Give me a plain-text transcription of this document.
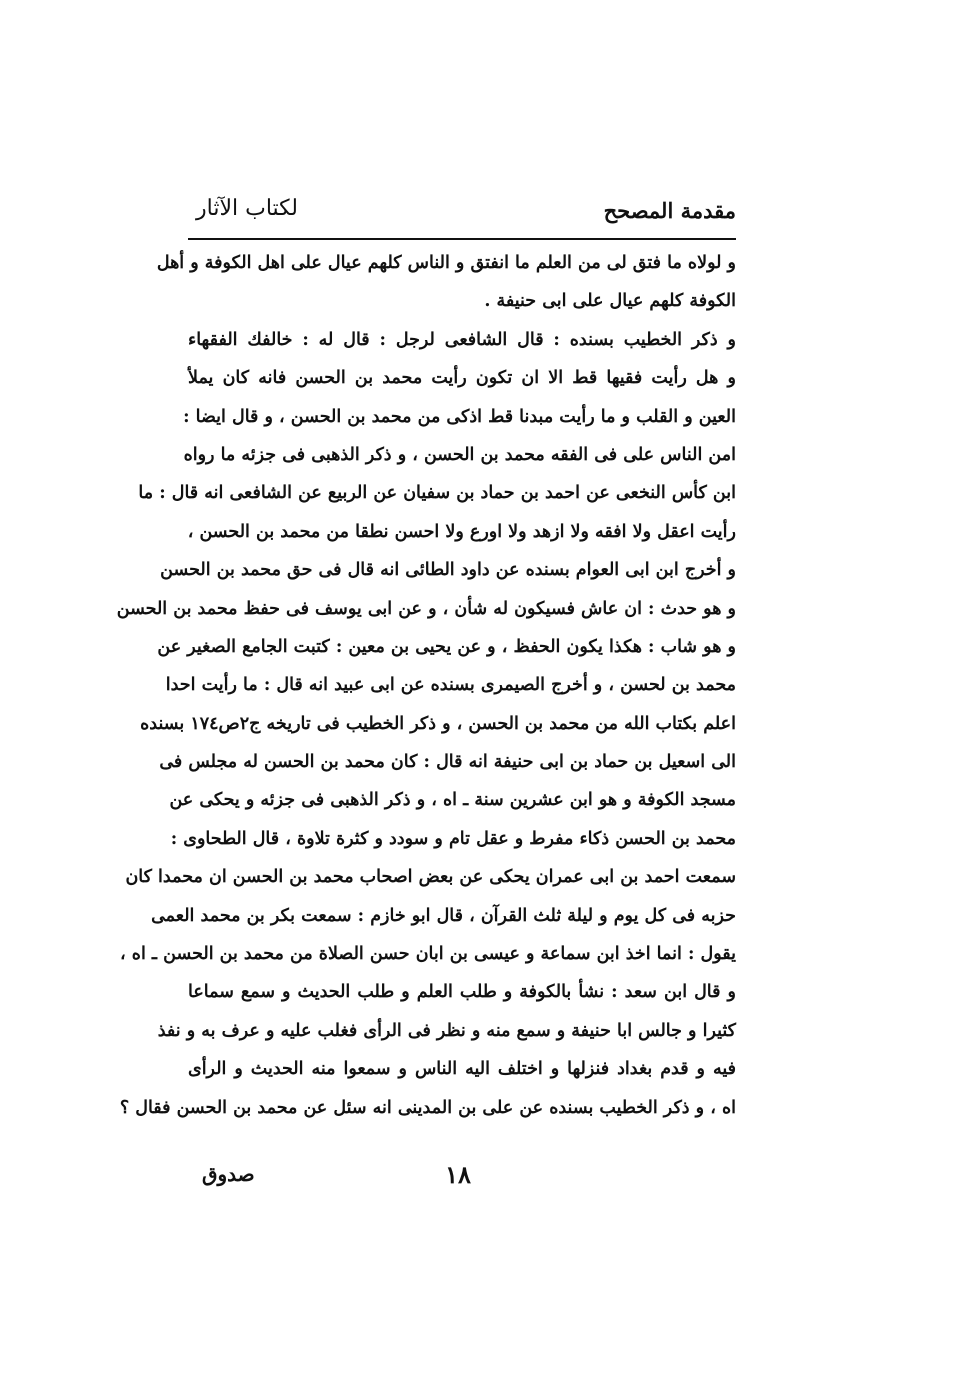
مقدمة المصحح
لكتاب الآثار
و لولاه ما فتق لى من العلم ما انفتق و الناس كلهم عيال على اهل الكوفة و أهل
الكوفة كلهم عيال على ابى حنيفة .
و ذكر الخطيب بسنده : قال الشافعى لرجل : قال له : خالفك الفقهاء
و هل رأيت فقيها قط الا ان تكون رأيت محمد بن الحسن فانه كان يملأ
العين و القلب و ما رأيت مبدنا قط اذكى من محمد بن الحسن ، و قال ايضا :
امن الناس على فى الفقه محمد بن الحسن ، و ذكر الذهبى فى جزئه ما رواه
ابن كأس النخعى عن احمد بن حماد بن سفيان عن الربيع عن الشافعى انه قال : ما
رأيت اعقل ولا افقه ولا ازهد ولا اورع ولا احسن نطقا من محمد بن الحسن ،
و أخرج ابن ابى العوام بسنده عن داود الطائى انه قال فى حق محمد بن الحسن
و هو حدث : ان عاش فسيكون له شأن ، و عن ابى يوسف فى حفظ محمد بن الحسن
و هو شاب : هكذا يكون الحفظ ، و عن يحيى بن معين : كتبت الجامع الصغير عن
محمد بن لحسن ، و أخرج الصيمرى بسنده عن ابى عبيد انه قال : ما رأيت احدا
اعلم بكتاب الله من محمد بن الحسن ، و ذكر الخطيب فى تاريخه ج٢ص١٧٤ بسنده
الى اسعيل بن حماد بن ابى حنيفة انه قال : كان محمد بن الحسن له مجلس فى
مسجد الكوفة و هو ابن عشرين سنة ـ اه ، و ذكر الذهبى فى جزئه و يحكى عن
محمد بن الحسن ذكاء مفرط و عقل تام و سودد و كثرة تلاوة ، قال الطحاوى :
سمعت احمد بن ابى عمران يحكى عن بعض اصحاب محمد بن الحسن ان محمدا كان
حزبه فى كل يوم و ليلة ثلث القرآن ، قال ابو خازم : سمعت بكر بن محمد العمى
يقول : انما اخذ ابن سماعة و عيسى بن ابان حسن الصلاة من محمد بن الحسن ـ اه ،
و قال ابن سعد : نشأ بالكوفة و طلب العلم و طلب الحديث و سمع سماعا
كثيرا و جالس ابا حنيفة و سمع منه و نظر فى الرأى فغلب عليه و عرف به و نفذ
فيه و قدم بغداد فنزلها و اختلف اليه الناس و سمعوا منه الحديث و الرأى
اه ، و ذكر الخطيب بسنده عن على بن المدينى انه سئل عن محمد بن الحسن فقال ؟
١٨
صدوق
